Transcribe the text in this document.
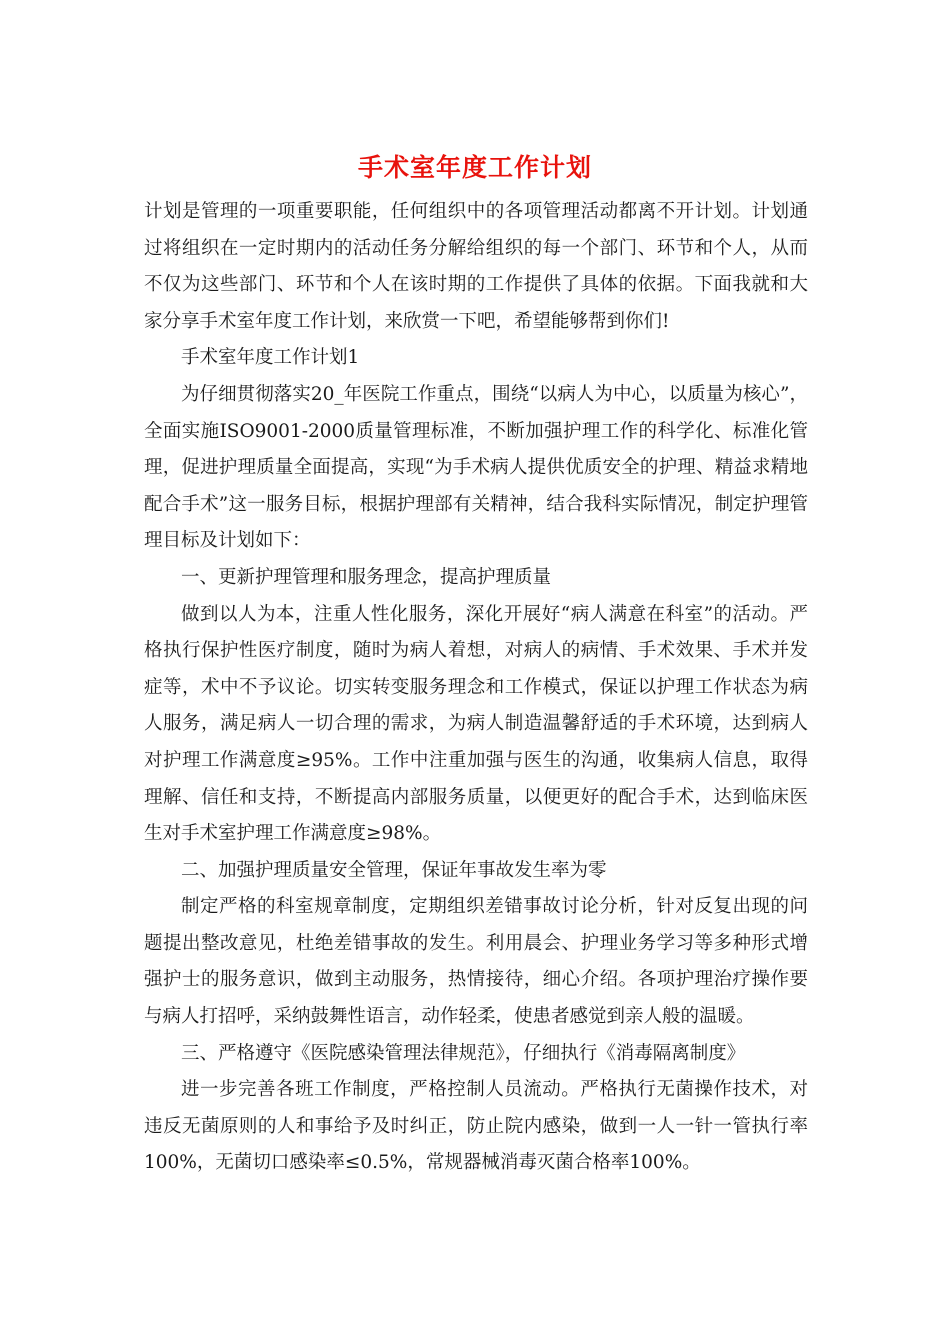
手术室年度工作计划

计划是管理的一项重要职能，任何组织中的各项管理活动都离不开计划。计划通过将组织在一定时期内的活动任务分解给组织的每一个部门、环节和个人，从而不仅为这些部门、环节和个人在该时期的工作提供了具体的依据。下面我就和大家分享手术室年度工作计划，来欣赏一下吧，希望能够帮到你们!

手术室年度工作计划1

为仔细贯彻落实20_年医院工作重点，围绕“以病人为中心，以质量为核心”，全面实施ISO9001-2000质量管理标准，不断加强护理工作的科学化、标准化管理，促进护理质量全面提高，实现“为手术病人提供优质安全的护理、精益求精地配合手术”这一服务目标，根据护理部有关精神，结合我科实际情况，制定护理管理目标及计划如下：

一、更新护理管理和服务理念，提高护理质量

做到以人为本，注重人性化服务，深化开展好“病人满意在科室”的活动。严格执行保护性医疗制度，随时为病人着想，对病人的病情、手术效果、手术并发症等，术中不予议论。切实转变服务理念和工作模式，保证以护理工作状态为病人服务，满足病人一切合理的需求，为病人制造温馨舒适的手术环境，达到病人对护理工作满意度≥95%。工作中注重加强与医生的沟通，收集病人信息，取得理解、信任和支持，不断提高内部服务质量，以便更好的配合手术，达到临床医生对手术室护理工作满意度≥98%。

二、加强护理质量安全管理，保证年事故发生率为零

制定严格的科室规章制度，定期组织差错事故讨论分析，针对反复出现的问题提出整改意见，杜绝差错事故的发生。利用晨会、护理业务学习等多种形式增强护士的服务意识，做到主动服务，热情接待，细心介绍。各项护理治疗操作要与病人打招呼，采纳鼓舞性语言，动作轻柔，使患者感觉到亲人般的温暖。

三、严格遵守《医院感染管理法律规范》，仔细执行《消毒隔离制度》

进一步完善各班工作制度，严格控制人员流动。严格执行无菌操作技术，对违反无菌原则的人和事给予及时纠正，防止院内感染，做到一人一针一管执行率100%，无菌切口感染率≤0.5%，常规器械消毒灭菌合格率100%。
